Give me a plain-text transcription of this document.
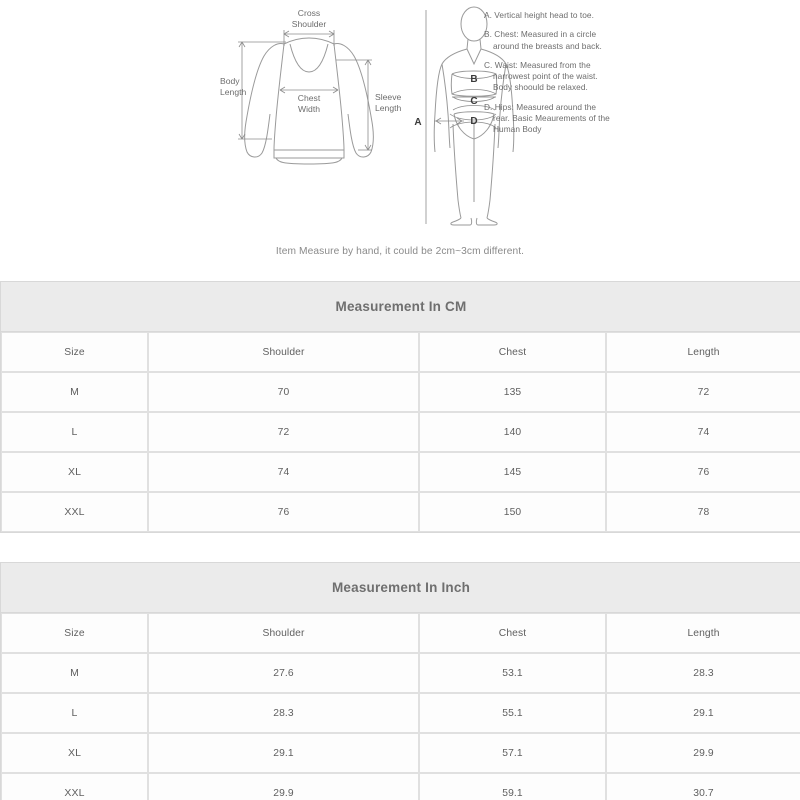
Cross
Shoulder
Body
Length
Chest
Width
Sleeve
Length
B
C
D
A
A. Vertical height head to toe.
B. Chest: Measured in a circle around the breasts and back.
C. Waist: Measured from the narrowest point of the waist. Body shoould be relaxed.
D. Hips: Measured around the rear. Basic Meaurements of the Human Body
Item Measure by hand, it could be 2cm~3cm different.
Measurement In CM
Size	Shoulder	Chest	Length
M	70	135	72
L	72	140	74
XL	74	145	76
XXL	76	150	78
Measurement In Inch
Size	Shoulder	Chest	Length
M	27.6	53.1	28.3
L	28.3	55.1	29.1
XL	29.1	57.1	29.9
XXL	29.9	59.1	30.7
